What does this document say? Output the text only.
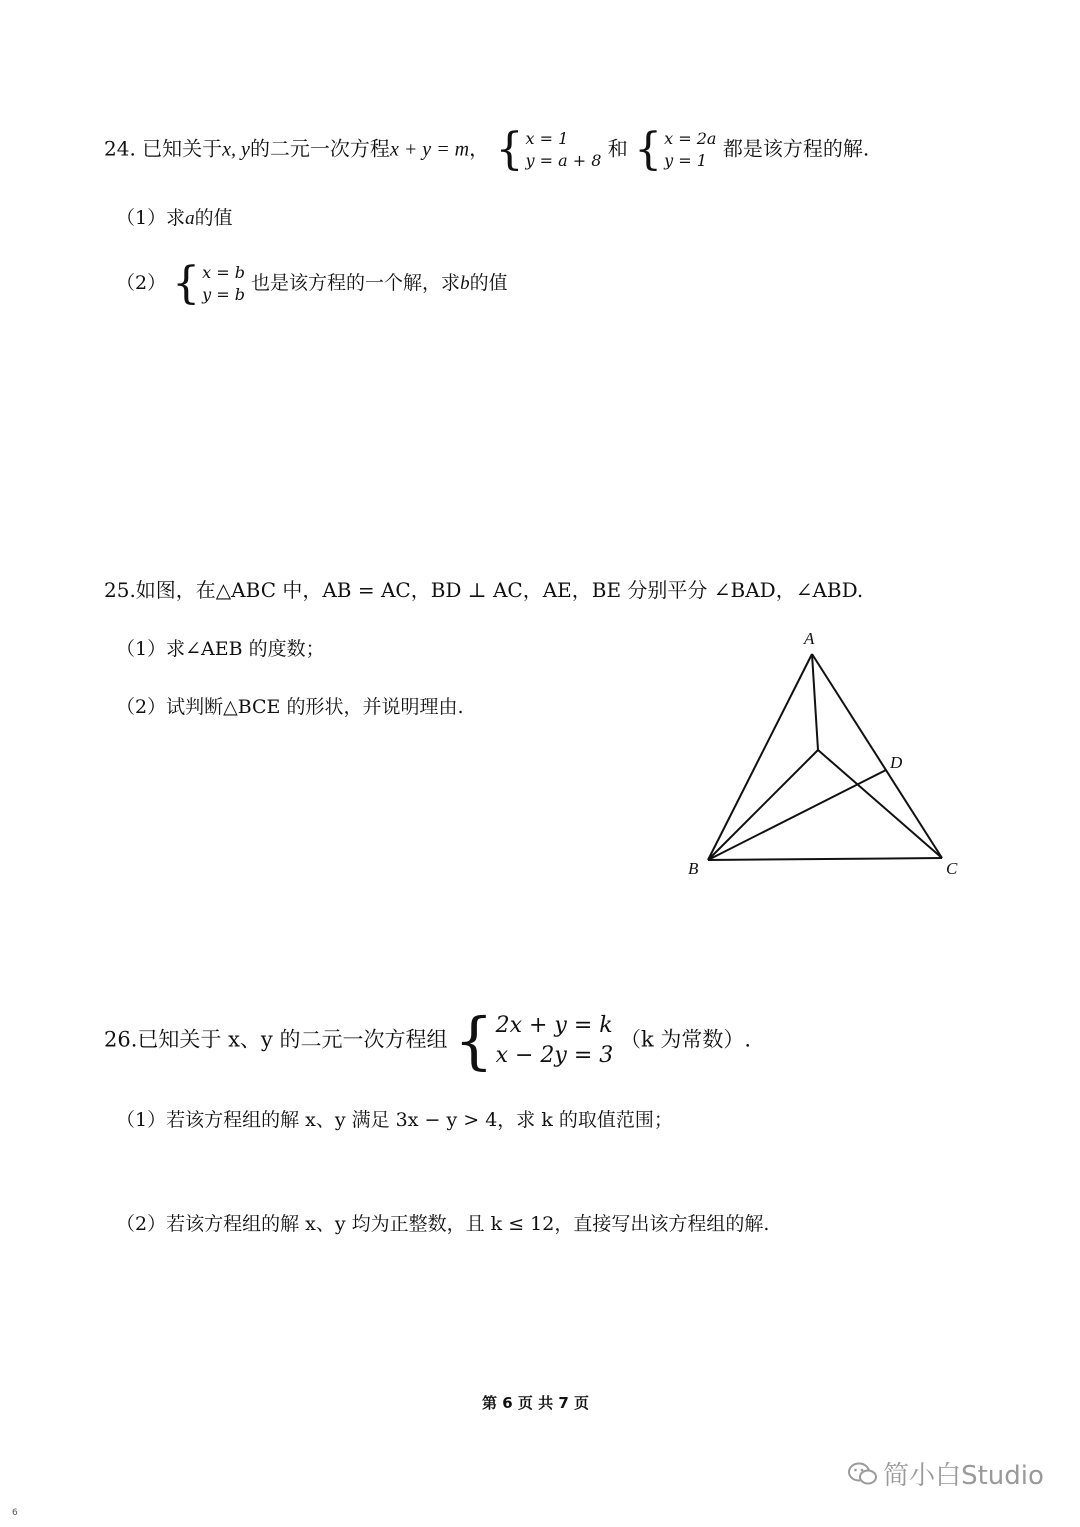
24. 已知关于x, y的二元一次方程x + y = m， { x = 1
y = a + 8 和 { x = 2a
y = 1 都是该方程的解.
（1）求a的值
（2） { x = b
y = b
也是该方程的一个解，求b的值
25.如图，在△ABC 中，AB = AC，BD ⊥ AC，AE，BE 分别平分 ∠BAD，∠ABD.
（1）求∠AEB 的度数；
（2）试判断△BCE 的形状，并说明理由.
A
B	C
D
26.已知关于 x、y 的二元一次方程组 { 2x + y = k
x − 2y = 3
（k 为常数）.
（1）若该方程组的解 x、y 满足 3x − y > 4，求 k 的取值范围；
（2）若该方程组的解 x、y 均为正整数，且 k ≤ 12，直接写出该方程组的解.
第 6 页 共 7 页
简小白Studio
6
